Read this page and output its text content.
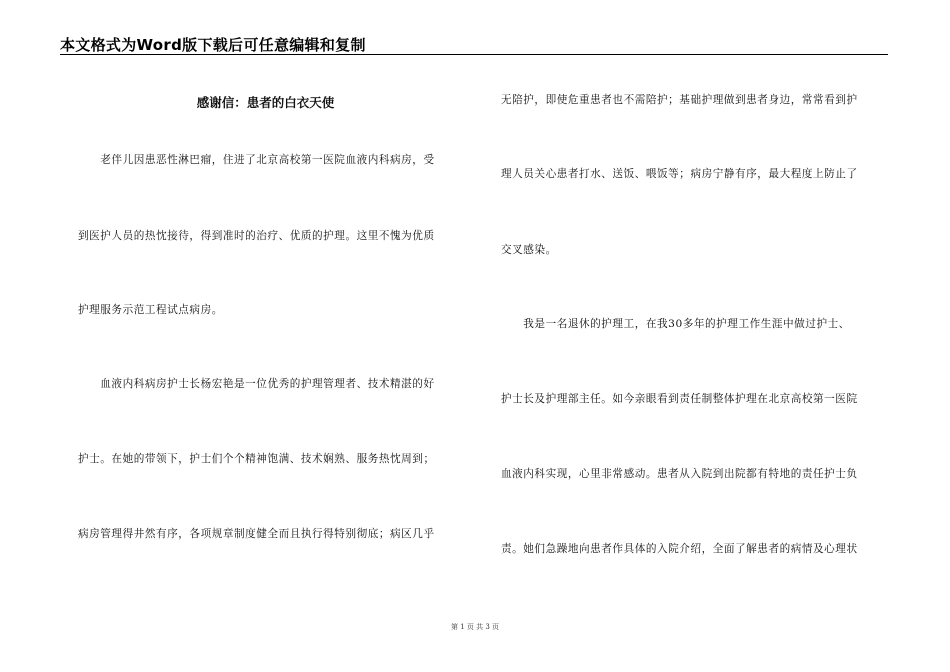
本文格式为Word版下载后可任意编辑和复制
感谢信：患者的白衣天使
　　老伴儿因患恶性淋巴瘤，住进了北京高校第一医院血液内科病房，受
到医护人员的热忱接待，得到准时的治疗、优质的护理。这里不愧为优质
护理服务示范工程试点病房。
　　血液内科病房护士长杨宏艳是一位优秀的护理管理者、技术精湛的好
护士。在她的带领下，护士们个个精神饱满、技术娴熟、服务热忱周到；
病房管理得井然有序，各项规章制度健全而且执行得特别彻底；病区几乎
无陪护，即使危重患者也不需陪护；基础护理做到患者身边，常常看到护
理人员关心患者打水、送饭、喂饭等；病房宁静有序，最大程度上防止了
交叉感染。
　　我是一名退休的护理工，在我30多年的护理工作生涯中做过护士、
护士长及护理部主任。如今亲眼看到责任制整体护理在北京高校第一医院
血液内科实现，心里非常感动。患者从入院到出院都有特地的责任护士负
责。她们急躁地向患者作具体的入院介绍，全面了解患者的病情及心理状
第 1 页 共 3 页
